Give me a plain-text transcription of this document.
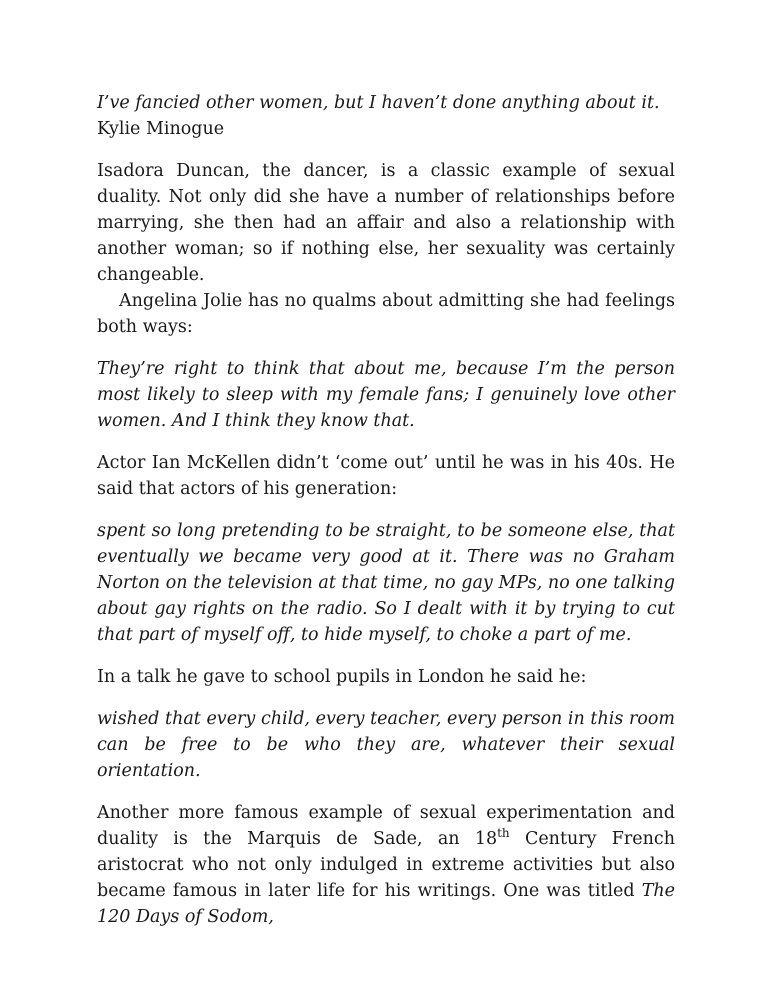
I’ve fancied other women, but I haven’t done anything about it.

Kylie Minogue

Isadora Duncan, the dancer, is a classic example of sexual duality. Not only did she have a number of relationships before marrying, she then had an affair and also a relationship with another woman; so if nothing else, her sexuality was certainly changeable.

Angelina Jolie has no qualms about admitting she had feelings both ways:

They’re right to think that about me, because I’m the person most likely to sleep with my female fans; I genuinely love other women. And I think they know that.

Actor Ian McKellen didn’t ‘come out’ until he was in his 40s. He said that actors of his generation:

spent so long pretending to be straight, to be someone else, that eventually we became very good at it. There was no Graham Norton on the television at that time, no gay MPs, no one talking about gay rights on the radio. So I dealt with it by trying to cut that part of myself off, to hide myself, to choke a part of me.

In a talk he gave to school pupils in London he said he:

wished that every child, every teacher, every person in this room can be free to be who they are, whatever their sexual orientation.

Another more famous example of sexual experimentation and duality is the Marquis de Sade, an 18th Century French aristocrat who not only indulged in extreme activities but also became famous in later life for his writings. One was titled The 120 Days of Sodom,
